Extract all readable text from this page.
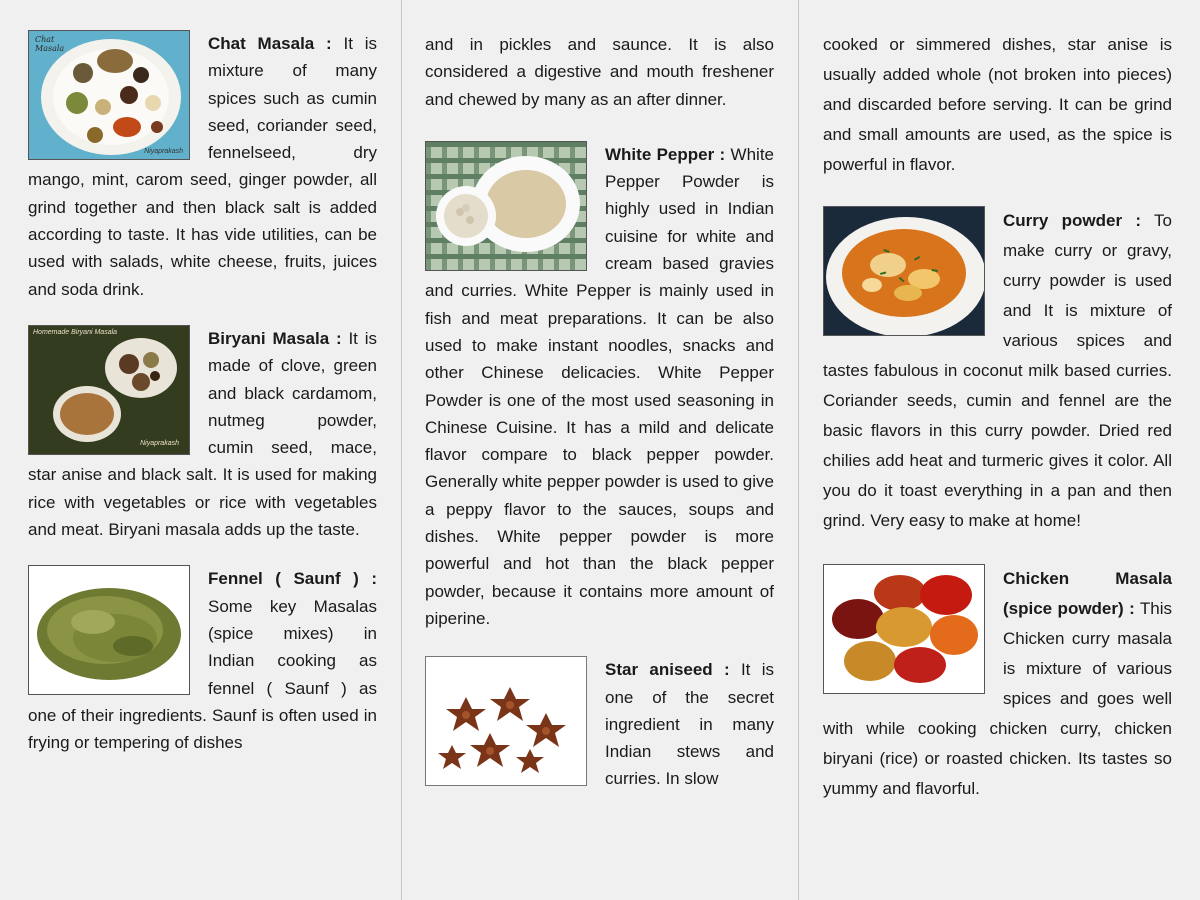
Chat Masala
Niyaprakash

Chat Masala : It is mixture of many spices such as cumin seed, coriander seed, fennelseed, dry mango, mint, carom seed, ginger powder, all grind together and then black salt is added according to taste. It has vide utilities, can be used with salads, white cheese, fruits, juices and soda drink.

Homemade Biryani Masala
Niyaprakash

Biryani Masala : It is made of clove, green and black cardamom, nutmeg powder, cumin seed, mace, star anise and black salt. It is used for making rice with vegetables or rice with vegetables and meat. Biryani masala adds up the taste.

Fennel ( Saunf ) : Some key Masalas (spice mixes) in Indian cooking as fennel ( Saunf ) as one of their ingredients. Saunf is often used in frying or tempering of dishes

and in pickles and saunce. It is also considered a digestive and mouth freshener and chewed by many as an after dinner.

White Pepper : White Pepper Powder is highly used in Indian cuisine for white and cream based gravies and curries. White Pepper is mainly used in fish and meat preparations. It can be also used to make instant noodles, snacks and other Chinese delicacies. White Pepper Powder is one of the most used seasoning in Chinese Cuisine. It has a mild and delicate flavor compare to black pepper powder. Generally white pepper powder is used to give a peppy flavor to the sauces, soups and dishes. White pepper powder is more powerful and hot than the black pepper powder, because it contains more amount of piperine.

Star aniseed : It is one of the secret ingredient in many Indian stews and curries. In slow

cooked or simmered dishes, star anise is usually added whole (not broken into pieces) and discarded before serving. It can be grind and small amounts are used, as the spice is powerful in flavor.

Curry powder : To make curry or gravy, curry powder is used and It is mixture of various spices and tastes fabulous in coconut milk based curries. Coriander seeds, cumin and fennel are the basic flavors in this curry powder. Dried red chilies add heat and turmeric gives it color. All you do it toast everything in a pan and then grind. Very easy to make at home!

Chicken Masala (spice powder) : This Chicken curry masala is mixture of various spices and goes well with while cooking chicken curry, chicken biryani (rice) or roasted chicken. Its tastes so yummy and flavorful.
